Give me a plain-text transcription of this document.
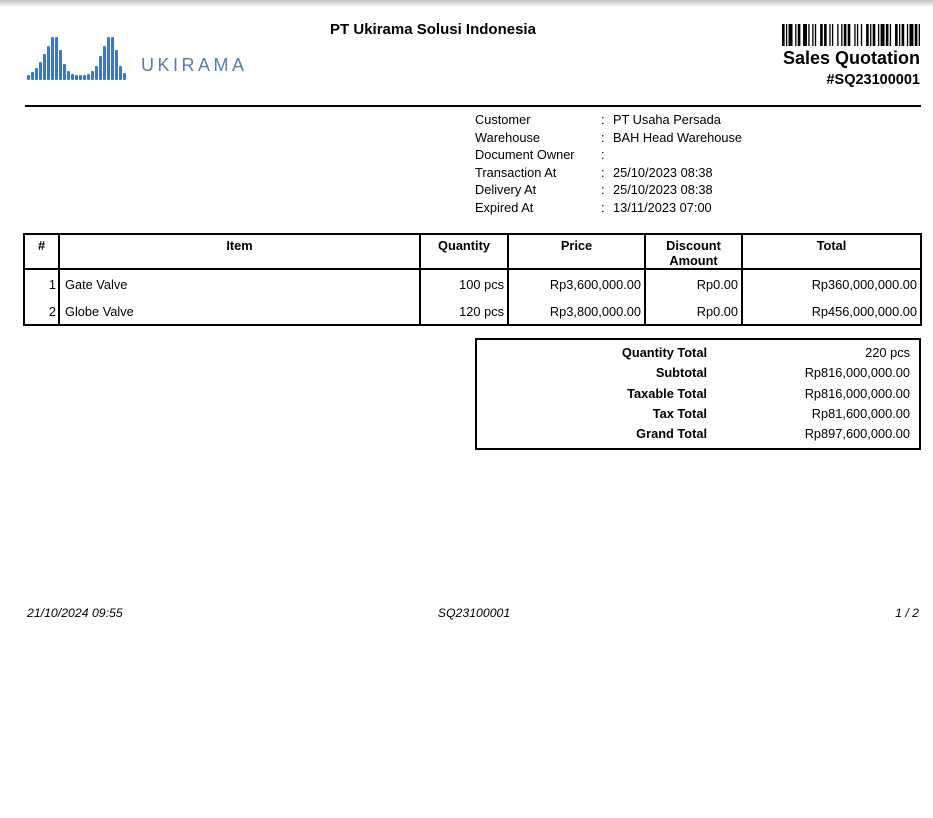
UKIRAMA
PT Ukirama Solusi Indonesia
Sales Quotation
#SQ23100001
Customer	: PT Usaha Persada
Warehouse	: BAH Head Warehouse
Document Owner	:
Transaction At	: 25/10/2023 08:38
Delivery At	: 25/10/2023 08:38
Expired At	: 13/11/2023 07:00
#	Item	Quantity	Price	Discount Amount	Total
1	Gate Valve	100 pcs	Rp3,600,000.00	Rp0.00	Rp360,000,000.00
2	Globe Valve	120 pcs	Rp3,800,000.00	Rp0.00	Rp456,000,000.00
Quantity Total	220 pcs
Subtotal	Rp816,000,000.00
Taxable Total	Rp816,000,000.00
Tax Total	Rp81,600,000.00
Grand Total	Rp897,600,000.00
21/10/2024 09:55	SQ23100001	1 / 2
